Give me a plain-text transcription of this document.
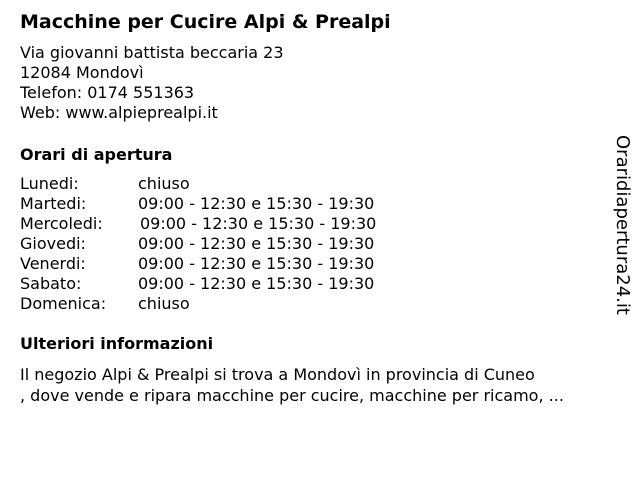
Macchine per Cucire Alpi & Prealpi
Via giovanni battista beccaria 23
12084 Mondovì
Telefon: 0174 551363
Web: www.alpieprealpi.it
Orari di apertura
Lunedi:	chiuso
Martedi:	09:00 - 12:30 e 15:30 - 19:30
Mercoledi: 09:00 - 12:30 e 15:30 - 19:30
Giovedi:	09:00 - 12:30 e 15:30 - 19:30
Venerdi:	09:00 - 12:30 e 15:30 - 19:30
Sabato:	09:00 - 12:30 e 15:30 - 19:30
Domenica: chiuso
Ulteriori informazioni
Il negozio Alpi & Prealpi si trova a Mondovì in provincia di Cuneo
, dove vende e ripara macchine per cucire, macchine per ricamo, ...
Oraridiapertura24.it
